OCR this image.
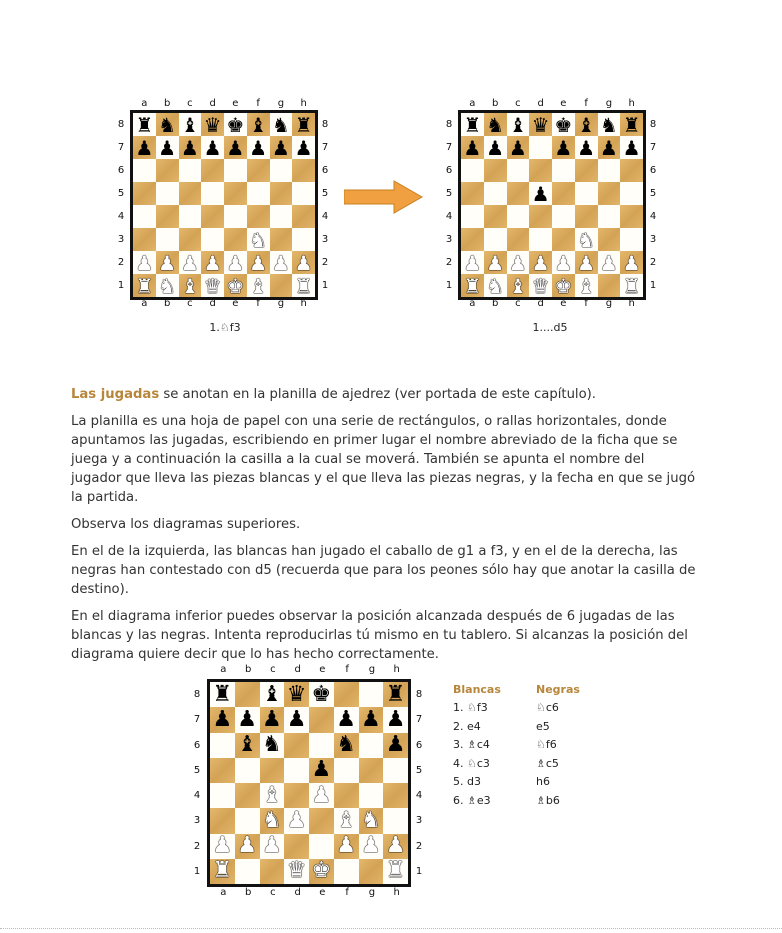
a	b	c	d	e	f	g	h
a	b	c	d	e	f	g	h
8
7
6
5
4
3
2
1
8
7
6
5
4
3
2
1
♜ ♞ ♝ ♛ ♚ ♝ ♞ ♜
♟ ♟ ♟ ♟ ♟ ♟ ♟ ♟
♞
♟ ♟ ♟ ♟ ♟ ♟ ♟ ♟
♜ ♞ ♝ ♛ ♚ ♝ ♜
1.♘f3
a	b	c	d	e	f	g	h
a	b	c	d	e	f	g	h
8
7
6
5
4
3
2
1
8
7
6
5
4
3
2
1
♜ ♞ ♝ ♛ ♚ ♝ ♞ ♜
♟ ♟ ♟ ♟ ♟ ♟ ♟
♟
♞
♟ ♟ ♟ ♟ ♟ ♟ ♟ ♟
♜ ♞ ♝ ♛ ♚ ♝ ♜
1....d5

Las jugadas se anotan en la planilla de ajedrez (ver portada de este capítulo).

La planilla es una hoja de papel con una serie de rectángulos, o rallas horizontales, donde apuntamos las jugadas, escribiendo en primer lugar el nombre abreviado de la ficha que se juega y a continuación la casilla a la cual se moverá. También se apunta el nombre del jugador que lleva las piezas blancas y el que lleva las piezas negras, y la fecha en que se jugó la partida.

Observa los diagramas superiores.

En el de la izquierda, las blancas han jugado el caballo de g1 a f3, y en el de la derecha, las negras han contestado con d5 (recuerda que para los peones sólo hay que anotar la casilla de destino).

En el diagrama inferior puedes observar la posición alcanzada después de 6 jugadas de las blancas y las negras. Intenta reproducirlas tú mismo en tu tablero. Si alcanzas la posición del diagrama quiere decir que lo has hecho correctamente.

a	b	c	d	e	f	g	h
a	b	c	d	e	f	g	h
8
7
6
5
4
3
2
1
8
7
6
5
4
3
2
1
♜ ♝ ♛ ♚ ♜
♟ ♟ ♟ ♟ ♟ ♟ ♟
♝ ♞ ♞ ♟
♟
♝ ♟
♞ ♟ ♝ ♞
♟ ♟ ♟ ♟ ♟ ♟
♜ ♛ ♚ ♜
Blancas	Negras
1. ♘f3	♘c6
2. e4	e5
3. ♗c4	♘f6
4. ♘c3	♗c5
5. d3	h6
6. ♗e3	♗b6
